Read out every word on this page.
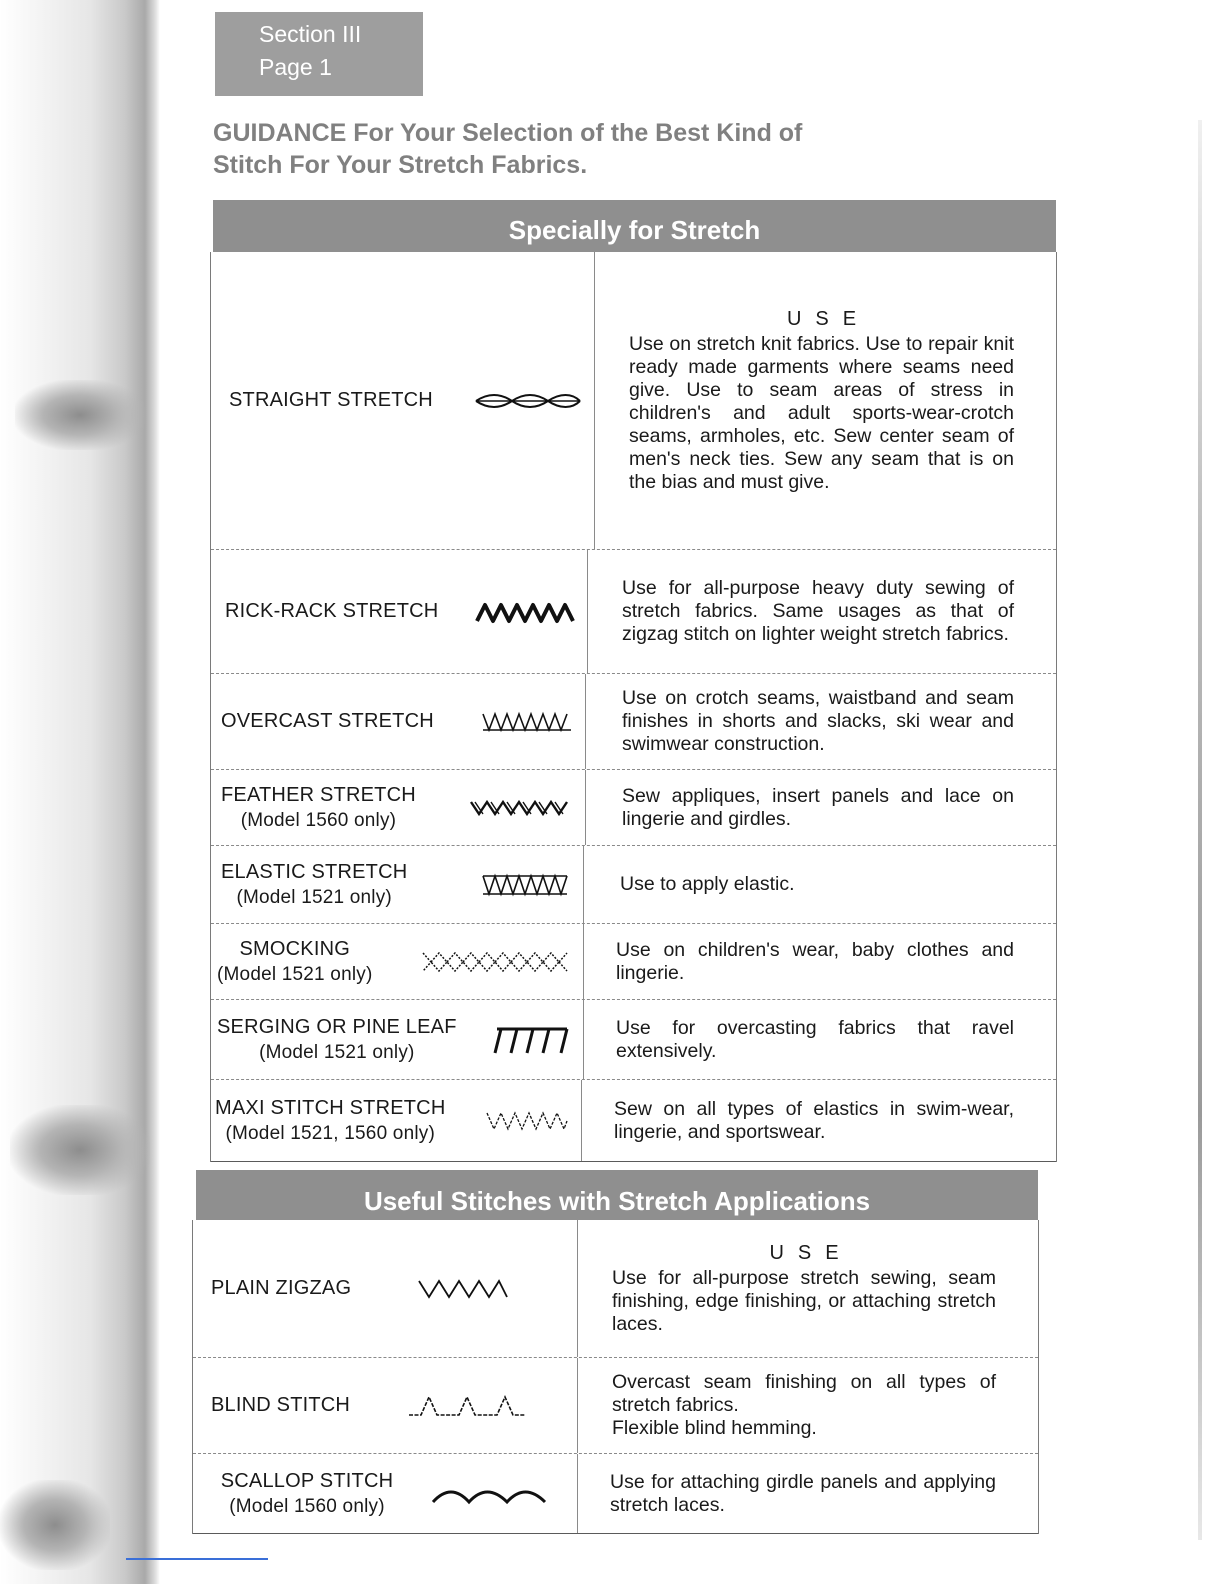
Section III
Page 1
GUIDANCE For Your Selection of the Best Kind of
Stitch For Your Stretch Fabrics.
Specially for Stretch
STRAIGHT STRETCH
USE
Use on stretch knit fabrics. Use to repair knit ready made garments where seams need give. Use to seam areas of stress in children's and adult sports-wear-crotch seams, armholes, etc. Sew center seam of men's neck ties. Sew any seam that is on the bias and must give.
RICK-RACK STRETCH
Use for all-purpose heavy duty sewing of stretch fabrics. Same usages as that of zigzag stitch on lighter weight stretch fabrics.
OVERCAST STRETCH
Use on crotch seams, waistband and seam finishes in shorts and slacks, ski wear and swimwear construction.
FEATHER STRETCH
(Model 1560 only)
Sew appliques, insert panels and lace on lingerie and girdles.
ELASTIC STRETCH
(Model 1521 only)
Use to apply elastic.
SMOCKING
(Model 1521 only)
Use on children's wear, baby clothes and lingerie.
SERGING OR PINE LEAF
(Model 1521 only)
Use for overcasting fabrics that ravel extensively.
MAXI STITCH STRETCH
(Model 1521, 1560 only)
Sew on all types of elastics in swim-wear, lingerie, and sportswear.
Useful Stitches with Stretch Applications
PLAIN ZIGZAG
USE
Use for all-purpose stretch sewing, seam finishing, edge finishing, or attaching stretch laces.
BLIND STITCH
Overcast seam finishing on all types of stretch fabrics.
Flexible blind hemming.
SCALLOP STITCH
(Model 1560 only)
Use for attaching girdle panels and applying stretch laces.
